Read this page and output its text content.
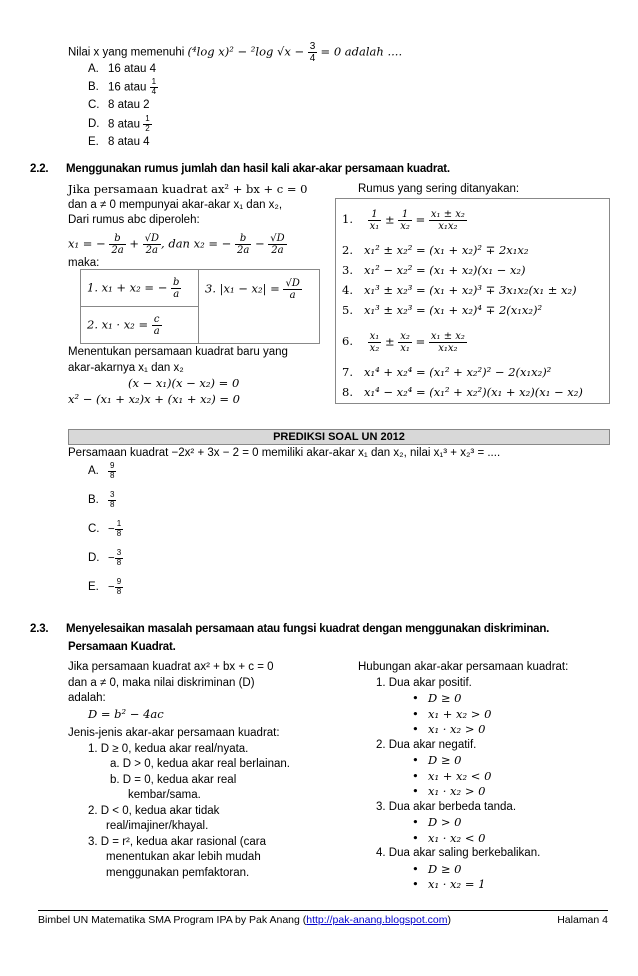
Nilai x yang memenuhi (⁴log x)² − ²log $√x - \frac{3}{4} = 0$ adalah ....
A. 16 atau 4
B. 16 atau $\frac{1}{4}$
C. 8 atau 2
D. 8 atau $\frac{1}{2}$
E. 8 atau 4
2.2. Menggunakan rumus jumlah dan hasil kali akar-akar persamaan kuadrat.
Jika persamaan kuadrat ax² + bx + c = 0
dan a ≠ 0 mempunyai akar-akar x₁ dan x₂,
Dari rumus abc diperoleh:
x₁ = − $\frac{b}{2a} + \frac{√D}{2a}$ , dan x₂ = − $\frac{b}{2a} - \frac{√D}{2a}$
maka:
1. x₁ + x₂ = − $\frac{b}{a}$	3. $|x_1 - x_2| = \frac{√D}{a}$

2. $x_1 \cdot x_2 = \frac{c}{a}$
Menentukan persamaan kuadrat baru yang
akar-akarnya x₁ dan x₂
(x − x₁)(x − x₂) = 0
x² − (x₁ + x₂)x + (x₁ + x₂) = 0
Rumus yang sering ditanyakan:
1. $\frac{1}{\text{x₁}} \pm \frac{1}{\text{x₂}} = \frac{\text{x₁ ± x₂}}{\text{x₁x₂}}$

2. x₁² ± x₂² = (x₁ + x₂)² ∓ 2x₁x₂
3. x₁² − x₂² = (x₁ + x₂)(x₁ − x₂)
4. x₁³ ± x₂³ = (x₁ + x₂)³ ∓ 3x₁x₂(x₁ ± x₂)
5. x₁³ ± x₂³ = (x₁ + x₂)⁴ ∓ 2(x₁x₂)²
6. $\frac{\text{x₁}}{\text{x₂}} \pm \frac{\text{x₂}}{\text{x₁}} = \frac{\text{x₁ ± x₂}}{\text{x₁x₂}}$

7. x₁⁴ + x₂⁴ = (x₁² + x₂²)² − 2(x₁x₂)²
8. x₁⁴ − x₂⁴ = (x₁² + x₂²)(x₁ + x₂)(x₁ − x₂)
PREDIKSI SOAL UN 2012
Persamaan kuadrat −2x² + 3x − 2 = 0 memiliki akar-akar x₁ dan x₂, nilai x₁³ + x₂³ = ....
A. $\frac{9}{8}$
B. $\frac{3}{8}$
C. − $\frac{1}{8}$
D. − $\frac{3}{8}$
E. − $\frac{9}{8}$
2.3. Menyelesaikan masalah persamaan atau fungsi kuadrat dengan menggunakan diskriminan.
Persamaan Kuadrat.
Jika persamaan kuadrat ax² + bx + c = 0
dan a ≠ 0, maka nilai diskriminan (D)
adalah:
D = b² − 4ac
Jenis-jenis akar-akar persamaan kuadrat:
1. D ≥ 0, kedua akar real/nyata.
a. D > 0, kedua akar real berlainan.
b. D = 0, kedua akar real
kembar/sama.
2. D < 0, kedua akar tidak
real/imajiner/khayal.
3. D = r², kedua akar rasional (cara
menentukan akar lebih mudah
menggunakan pemfaktoran.
Hubungan akar-akar persamaan kuadrat:
1. Dua akar positif.
• D ≥ 0
• x₁ + x₂ > 0
• x₁ · x₂ > 0
2. Dua akar negatif.
• D ≥ 0
• x₁ + x₂ < 0
• x₁ · x₂ > 0
3. Dua akar berbeda tanda.
• D > 0
• x₁ · x₂ < 0
4. Dua akar saling berkebalikan.
• D ≥ 0
• x₁ · x₂ = 1
Bimbel UN Matematika SMA Program IPA by Pak Anang (http://pak-anang.blogspot.com)	Halaman 4
